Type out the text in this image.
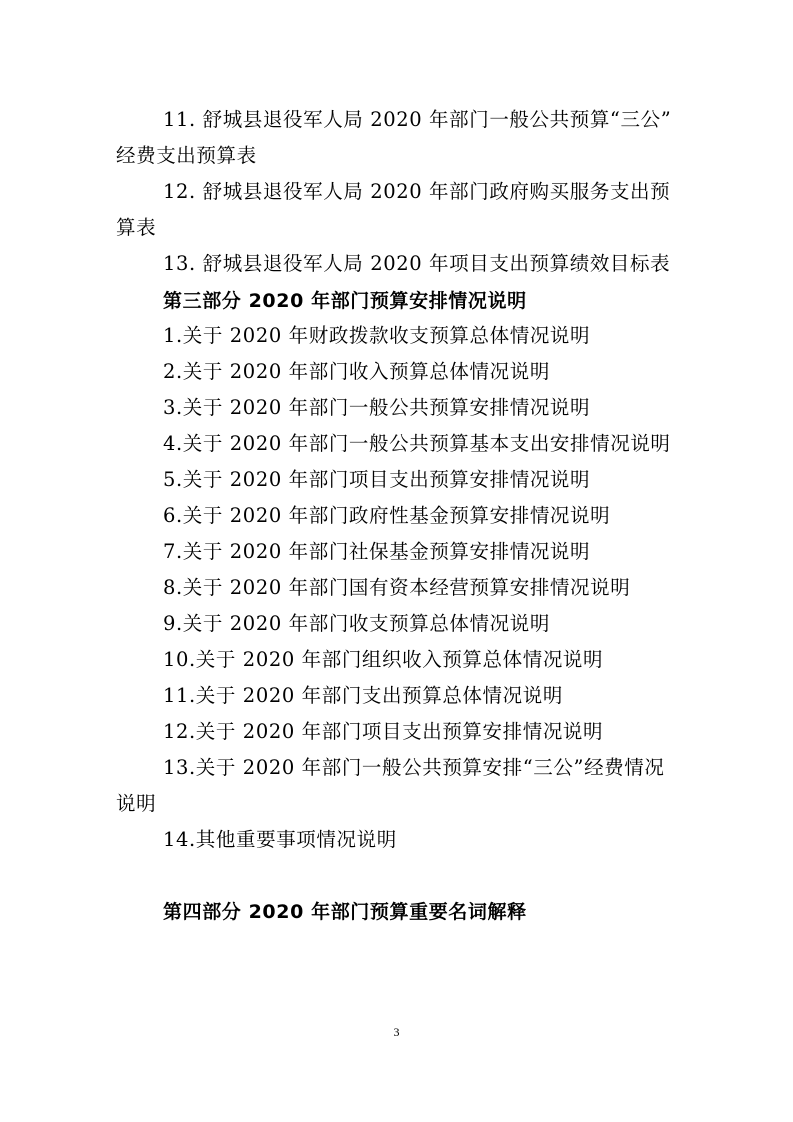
11. 舒城县退役军人局 2020 年部门一般公共预算“三公”
经费支出预算表
12. 舒城县退役军人局 2020 年部门政府购买服务支出预
算表
13. 舒城县退役军人局 2020 年项目支出预算绩效目标表
第三部分 2020 年部门预算安排情况说明
1.关于 2020 年财政拨款收支预算总体情况说明
2.关于 2020 年部门收入预算总体情况说明
3.关于 2020 年部门一般公共预算安排情况说明
4.关于 2020 年部门一般公共预算基本支出安排情况说明
5.关于 2020 年部门项目支出预算安排情况说明
6.关于 2020 年部门政府性基金预算安排情况说明
7.关于 2020 年部门社保基金预算安排情况说明
8.关于 2020 年部门国有资本经营预算安排情况说明
9.关于 2020 年部门收支预算总体情况说明
10.关于 2020 年部门组织收入预算总体情况说明
11.关于 2020 年部门支出预算总体情况说明
12.关于 2020 年部门项目支出预算安排情况说明
13.关于 2020 年部门一般公共预算安排“三公”经费情况
说明
14.其他重要事项情况说明
第四部分 2020 年部门预算重要名词解释
3
